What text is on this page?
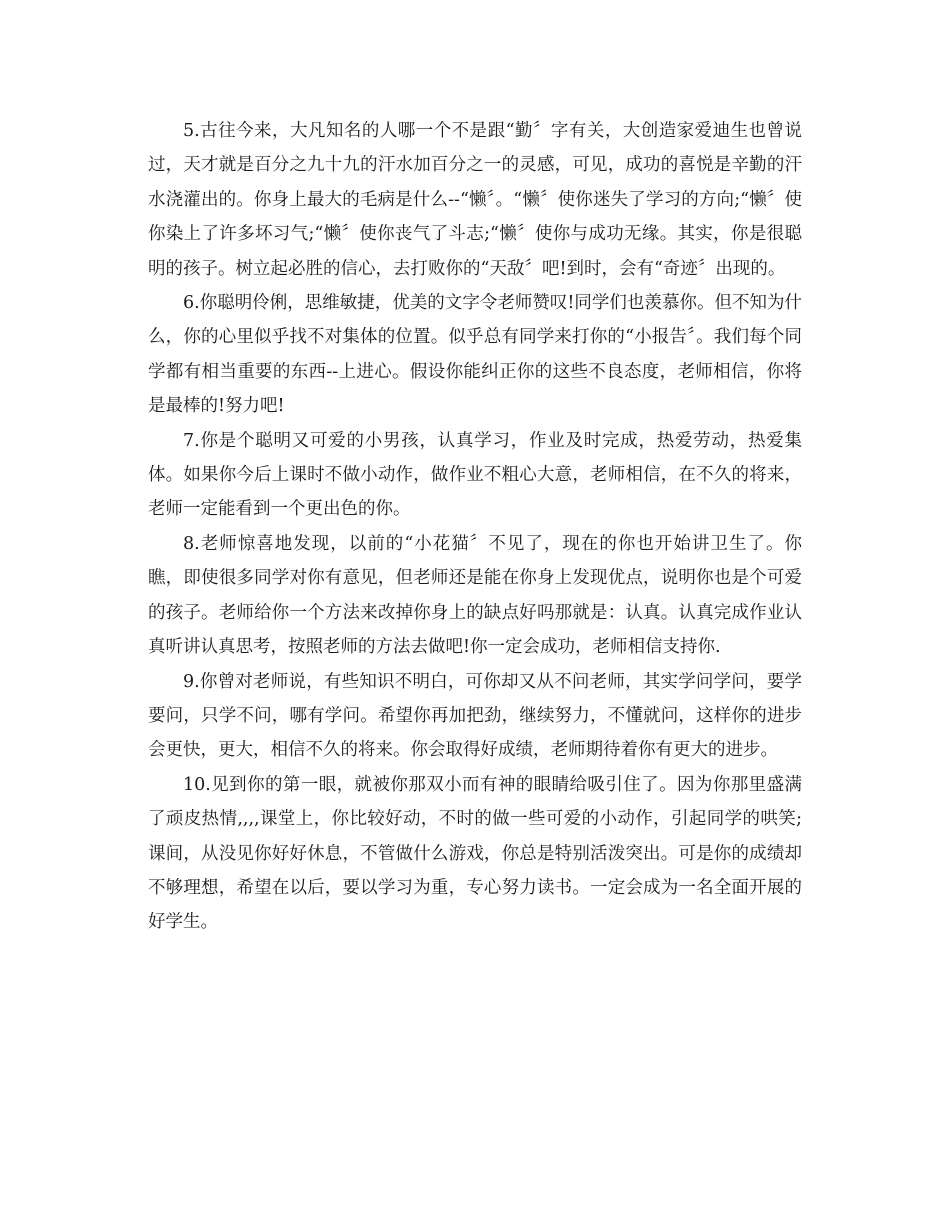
5.古往今来，大凡知名的人哪一个不是跟“勤〞字有关，大创造家爱迪生也曾说过，天才就是百分之九十九的汗水加百分之一的灵感，可见，成功的喜悦是辛勤的汗水浇灌出的。你身上最大的毛病是什么--“懒〞。“懒〞使你迷失了学习的方向;“懒〞使你染上了许多坏习气;“懒〞使你丧气了斗志;“懒〞使你与成功无缘。其实，你是很聪明的孩子。树立起必胜的信心，去打败你的“天敌〞吧!到时，会有“奇迹〞出现的。

6.你聪明伶俐，思维敏捷，优美的文字令老师赞叹!同学们也羡慕你。但不知为什么，你的心里似乎找不对集体的位置。似乎总有同学来打你的“小报告〞。我们每个同学都有相当重要的东西--上进心。假设你能纠正你的这些不良态度，老师相信，你将是最棒的!努力吧!

7.你是个聪明又可爱的小男孩，认真学习，作业及时完成，热爱劳动，热爱集体。如果你今后上课时不做小动作，做作业不粗心大意，老师相信，在不久的将来，老师一定能看到一个更出色的你。

8.老师惊喜地发现，以前的“小花猫〞不见了，现在的你也开始讲卫生了。你瞧，即使很多同学对你有意见，但老师还是能在你身上发现优点，说明你也是个可爱的孩子。老师给你一个方法来改掉你身上的缺点好吗那就是：认真。认真完成作业认真听讲认真思考，按照老师的方法去做吧!你一定会成功，老师相信支持你.

9.你曾对老师说，有些知识不明白，可你却又从不问老师，其实学问学问，要学要问，只学不问，哪有学问。希望你再加把劲，继续努力，不懂就问，这样你的进步会更快，更大，相信不久的将来。你会取得好成绩，老师期待着你有更大的进步。

10.见到你的第一眼，就被你那双小而有神的眼睛给吸引住了。因为你那里盛满了顽皮热情,,,,课堂上，你比较好动，不时的做一些可爱的小动作，引起同学的哄笑;课间，从没见你好好休息，不管做什么游戏，你总是特别活泼突出。可是你的成绩却不够理想，希望在以后，要以学习为重，专心努力读书。一定会成为一名全面开展的好学生。
